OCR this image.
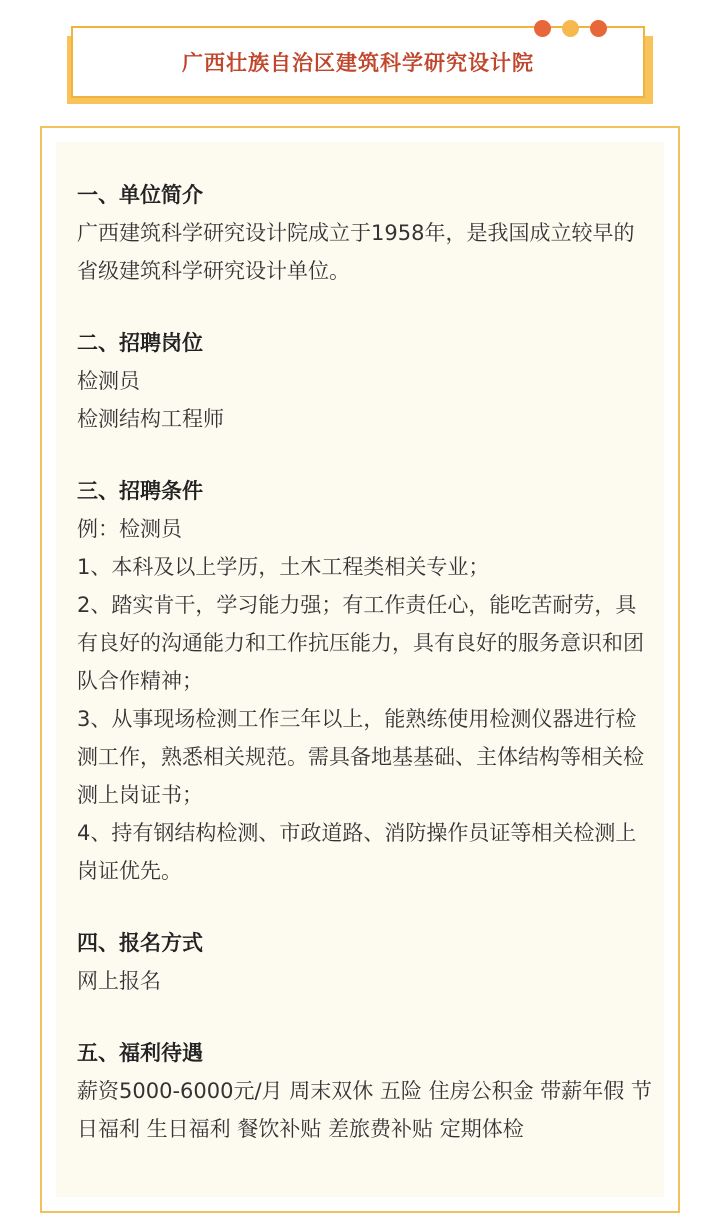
广西壮族自治区建筑科学研究设计院
一、单位简介
广西建筑科学研究设计院成立于1958年，是我国成立较早的省级建筑科学研究设计单位。
二、招聘岗位
检测员
检测结构工程师
三、招聘条件
例：检测员
1、本科及以上学历，土木工程类相关专业；
2、踏实肯干，学习能力强；有工作责任心，能吃苦耐劳，具有良好的沟通能力和工作抗压能力，具有良好的服务意识和团队合作精神；
3、从事现场检测工作三年以上，能熟练使用检测仪器进行检测工作，熟悉相关规范。需具备地基基础、主体结构等相关检测上岗证书；
4、持有钢结构检测、市政道路、消防操作员证等相关检测上岗证优先。
四、报名方式
网上报名
五、福利待遇
薪资5000-6000元/月 周末双休 五险 住房公积金 带薪年假 节日福利 生日福利 餐饮补贴 差旅费补贴 定期体检
